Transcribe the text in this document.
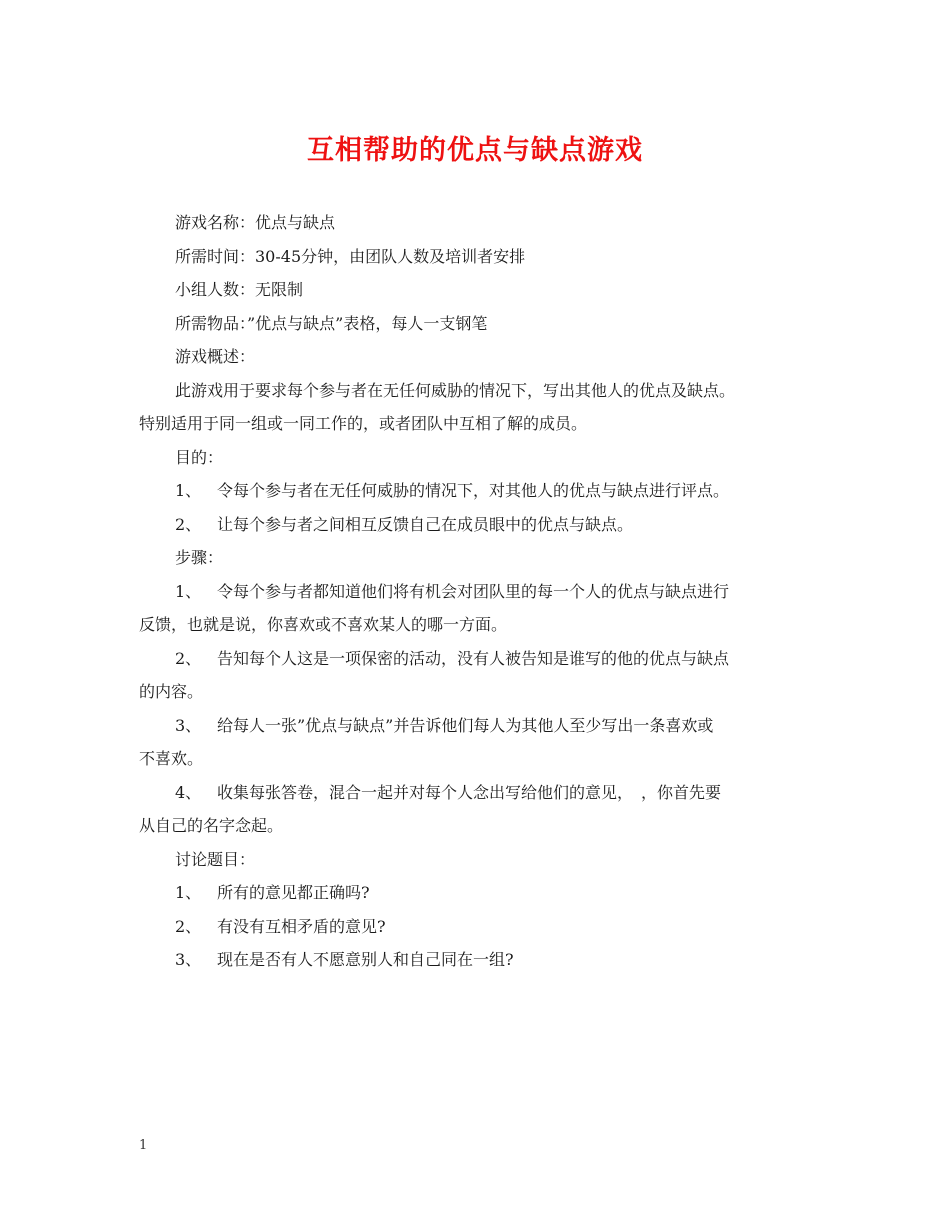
互相帮助的优点与缺点游戏
游戏名称：优点与缺点
所需时间：30-45分钟，由团队人数及培训者安排
小组人数：无限制
所需物品：”优点与缺点”表格，每人一支钢笔
游戏概述：
此游戏用于要求每个参与者在无任何威胁的情况下，写出其他人的优点及缺点。
特别适用于同一组或一同工作的，或者团队中互相了解的成员。
目的：
1、 令每个参与者在无任何威胁的情况下，对其他人的优点与缺点进行评点。
2、 让每个参与者之间相互反馈自己在成员眼中的优点与缺点。
步骤：
1、 令每个参与者都知道他们将有机会对团队里的每一个人的优点与缺点进行
反馈，也就是说，你喜欢或不喜欢某人的哪一方面。
2、 告知每个人这是一项保密的活动，没有人被告知是谁写的他的优点与缺点
的内容。
3、 给每人一张”优点与缺点”并告诉他们每人为其他人至少写出一条喜欢或
不喜欢。
4、 收集每张答卷，混合一起并对每个人念出写给他们的意见，　，你首先要
从自己的名字念起。
讨论题目：
1、 所有的意见都正确吗?
2、 有没有互相矛盾的意见?
3、 现在是否有人不愿意别人和自己同在一组?
1
